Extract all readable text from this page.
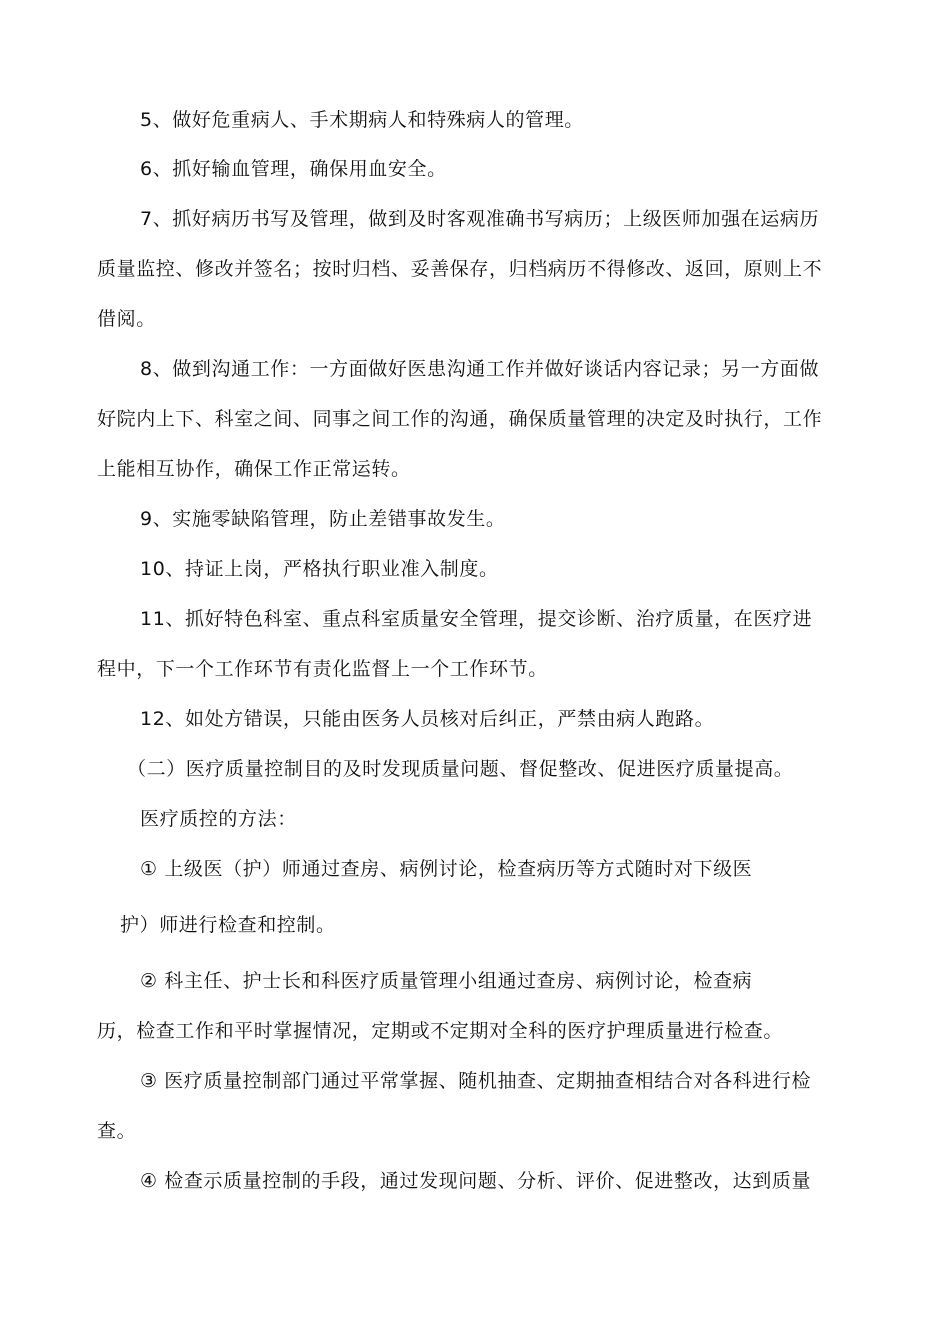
5、做好危重病人、手术期病人和特殊病人的管理。

6、抓好输血管理，确保用血安全。

7、抓好病历书写及管理，做到及时客观准确书写病历；上级医师加强在运病历

质量监控、修改并签名；按时归档、妥善保存，归档病历不得修改、返回，原则上不

借阅。

8、做到沟通工作：一方面做好医患沟通工作并做好谈话内容记录；另一方面做

好院内上下、科室之间、同事之间工作的沟通，确保质量管理的决定及时执行，工作

上能相互协作，确保工作正常运转。

9、实施零缺陷管理，防止差错事故发生。

10、持证上岗，严格执行职业准入制度。

11、抓好特色科室、重点科室质量安全管理，提交诊断、治疗质量，在医疗进

程中，下一个工作环节有责化监督上一个工作环节。

12、如处方错误，只能由医务人员核对后纠正，严禁由病人跑路。

（二）医疗质量控制目的及时发现质量问题、督促整改、促进医疗质量提高。

医疗质控的方法：

① 上级医（护）师通过查房、病例讨论，检查病历等方式随时对下级医

护）师进行检查和控制。

② 科主任、护士长和科医疗质量管理小组通过查房、病例讨论，检查病

历，检查工作和平时掌握情况，定期或不定期对全科的医疗护理质量进行检查。

③ 医疗质量控制部门通过平常掌握、随机抽查、定期抽查相结合对各科进行检

查。

④ 检查示质量控制的手段，通过发现问题、分析、评价、促进整改，达到质量
